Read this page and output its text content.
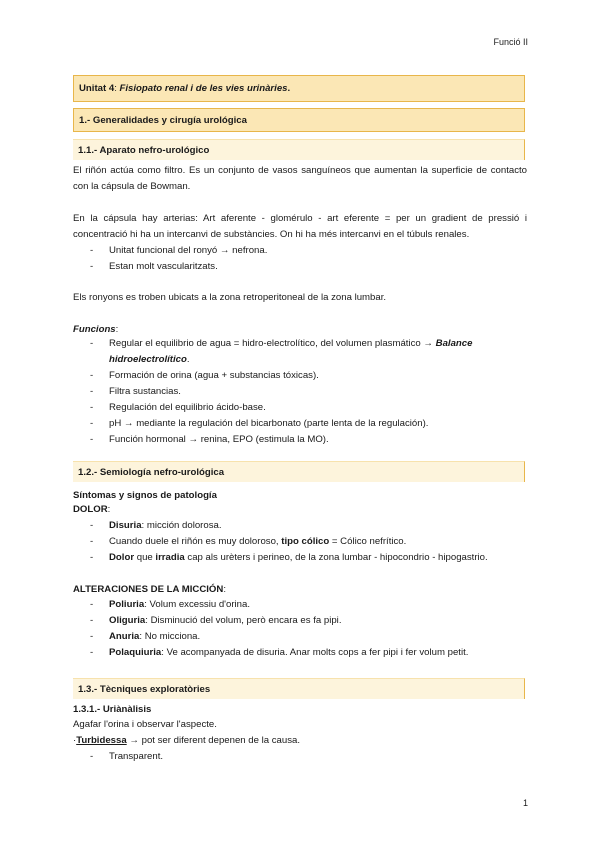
Funció II
Unitat 4 : Fisiopato renal i de les vies urinàries .
1.- Generalidades y cirugía urológica
1.1.- Aparato nefro-urológico
El riñón actúa como filtro. Es un conjunto de vasos sanguíneos que aumentan la superficie de contacto con la cápsula de Bowman.
En la cápsula hay arterias: Art aferente - glomérulo - art eferente = per un gradient de pressió i concentració hi ha un intercanvi de substàncies. On hi ha més intercanvi en el túbuls renales.
- Unitat funcional del ronyó → nefrona.
- Estan molt vascularitzats.
Els ronyons es troben ubicats a la zona retroperitoneal de la zona lumbar.
Funcions:
- Regular el equilibrio de agua = hidro-electrolítico, del volumen plasmático → Balance
hidroelectrolítico.
- Formación de orina (agua + substancias tóxicas).
- Filtra sustancias.
- Regulación del equilibrio ácido-base.
- pH → mediante la regulación del bicarbonato (parte lenta de la regulación).
- Función hormonal → renina, EPO (estimula la MO).
1.2.- Semiología nefro-urológica
Síntomas y signos de patología
DOLOR:
- Disuria: micción dolorosa.
- Cuando duele el riñón es muy doloroso, tipo cólico = Cólico nefrítico.
- Dolor que irradia cap als urèters i perineo, de la zona lumbar - hipocondrio - hipogastrio.
ALTERACIONES DE LA MICCIÓN:
- Poliuria: Volum excessiu d'orina.
- Oliguria: Disminució del volum, però encara es fa pipi.
- Anuria: No micciona.
- Polaquiuria: Ve acompanyada de disuria. Anar molts cops a fer pipi i fer volum petit.
1.3.- Tècniques exploratòries
1.3.1.- Uriànàlisis
Agafar l'orina i observar l'aspecte.
·Turbidessa → pot ser diferent depenen de la causa.
- Transparent.
1
